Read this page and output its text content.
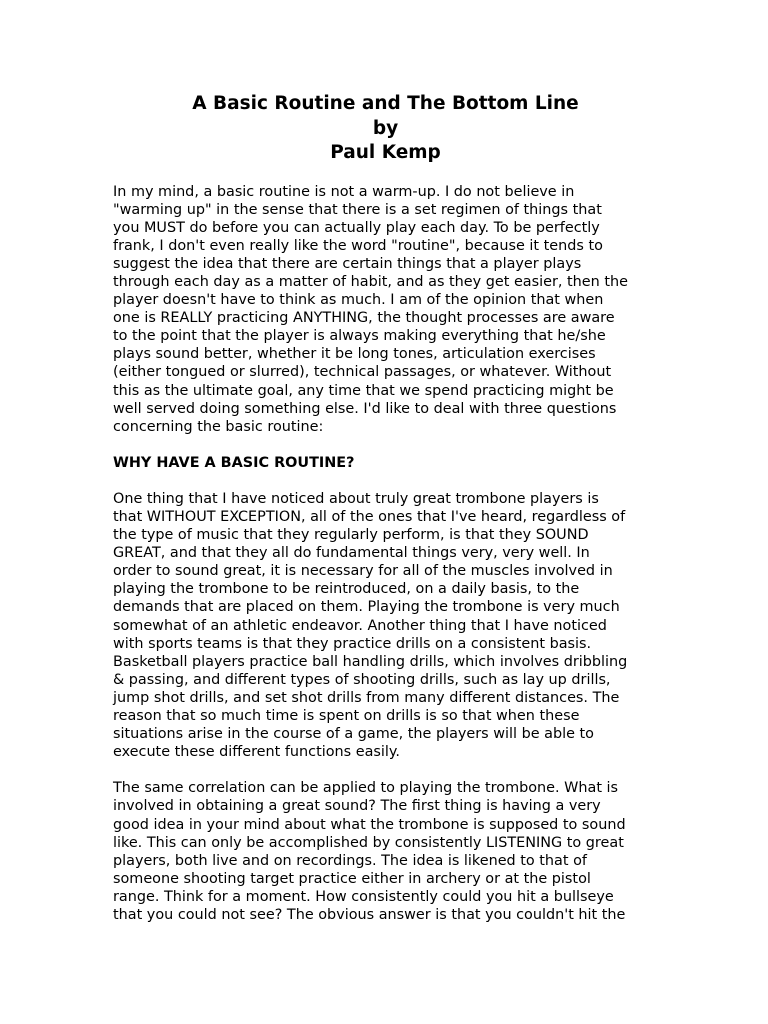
A Basic Routine and The Bottom Line
by
Paul Kemp

In my mind, a basic routine is not a warm-up. I do not believe in
"warming up" in the sense that there is a set regimen of things that
you MUST do before you can actually play each day. To be perfectly
frank, I don't even really like the word "routine", because it tends to
suggest the idea that there are certain things that a player plays
through each day as a matter of habit, and as they get easier, then the
player doesn't have to think as much. I am of the opinion that when
one is REALLY practicing ANYTHING, the thought processes are aware
to the point that the player is always making everything that he/she
plays sound better, whether it be long tones, articulation exercises
(either tongued or slurred), technical passages, or whatever. Without
this as the ultimate goal, any time that we spend practicing might be
well served doing something else. I'd like to deal with three questions
concerning the basic routine:

WHY HAVE A BASIC ROUTINE?

One thing that I have noticed about truly great trombone players is
that WITHOUT EXCEPTION, all of the ones that I've heard, regardless of
the type of music that they regularly perform, is that they SOUND
GREAT, and that they all do fundamental things very, very well. In
order to sound great, it is necessary for all of the muscles involved in
playing the trombone to be reintroduced, on a daily basis, to the
demands that are placed on them. Playing the trombone is very much
somewhat of an athletic endeavor. Another thing that I have noticed
with sports teams is that they practice drills on a consistent basis.
Basketball players practice ball handling drills, which involves dribbling
& passing, and different types of shooting drills, such as lay up drills,
jump shot drills, and set shot drills from many different distances. The
reason that so much time is spent on drills is so that when these
situations arise in the course of a game, the players will be able to
execute these different functions easily.

The same correlation can be applied to playing the trombone. What is
involved in obtaining a great sound? The first thing is having a very
good idea in your mind about what the trombone is supposed to sound
like. This can only be accomplished by consistently LISTENING to great
players, both live and on recordings. The idea is likened to that of
someone shooting target practice either in archery or at the pistol
range. Think for a moment. How consistently could you hit a bullseye
that you could not see? The obvious answer is that you couldn't hit the
